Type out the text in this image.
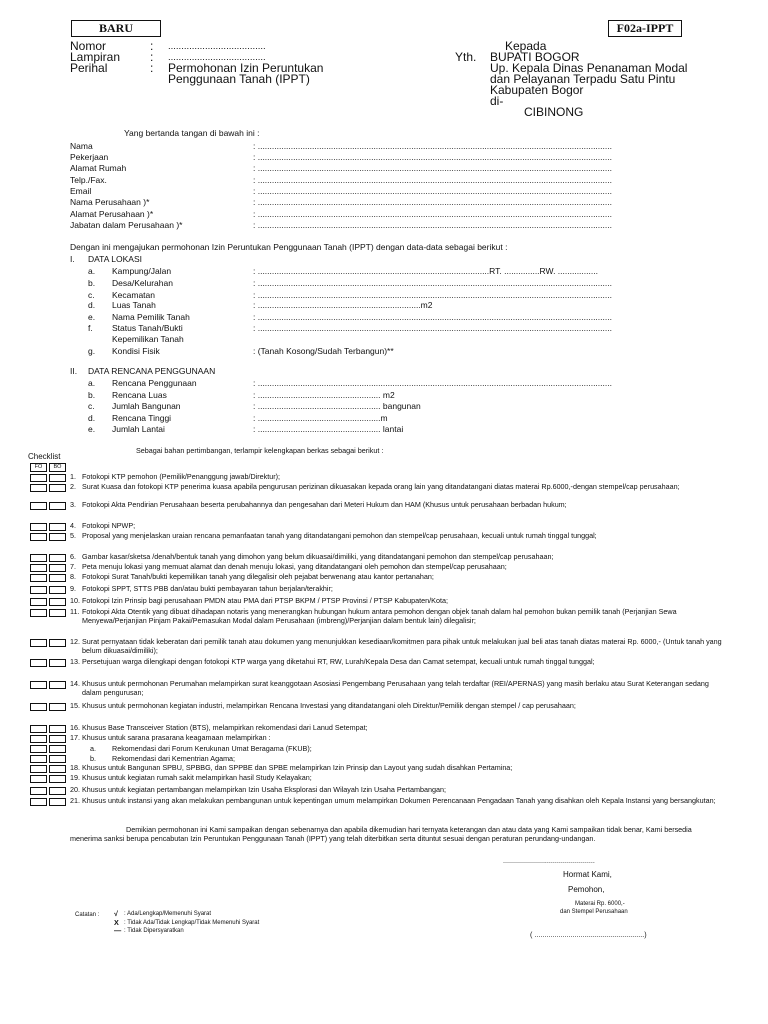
BARU	F02a-IPPT
Nomor	: .....................................
Lampiran : .....................................
Perihal	: Permohonan Izin Peruntukan
Penggunaan Tanah (IPPT)
Kepada
Yth. BUPATI BOGOR
Up. Kepala Dinas Penanaman Modal
dan Pelayanan Terpadu Satu Pintu
Kabupaten Bogor
di-
CIBINONG
Yang bertanda tangan di bawah ini :
Nama	: ......................................................................................................................................................
Pekerjaan	: ......................................................................................................................................................
Alamat Rumah	: ......................................................................................................................................................
Telp./Fax.	: ......................................................................................................................................................
Email	: ......................................................................................................................................................
Nama Perusahaan )*	: ......................................................................................................................................................
Alamat Perusahaan )*	: ......................................................................................................................................................
Jabatan dalam Perusahaan )*	: ......................................................................................................................................................
Dengan ini mengajukan permohonan Izin Peruntukan Penggunaan Tanah (IPPT) dengan data-data sebagai berikut :
I. DATA LOKASI
a. Kampung/Jalan	: ..................................................................................................RT. ...............RW. .................
b. Desa/Kelurahan	: ......................................................................................................................................................
c. Kecamatan	: ......................................................................................................................................................
d. Luas Tanah	: .....................................................................m2
e. Nama Pemilik Tanah	: ......................................................................................................................................................
f. Status Tanah/Bukti	: ......................................................................................................................................................
Kepemilikan Tanah
g. Kondisi Fisik	: (Tanah Kosong/Sudah Terbangun)**
II. DATA RENCANA PENGGUNAAN
a. Rencana Penggunaan	: ......................................................................................................................................................
b. Rencana Luas	: .................................................... m2
c. Jumlah Bangunan	: .................................................... bangunan
d. Rencana Tinggi	: ....................................................m
e. Jumlah Lantai	: .................................................... lantai
Checklist
FO	BO
Sebagai bahan pertimbangan, terlampir kelengkapan berkas sebagai berikut :
1. Fotokopi KTP pemohon (Pemilik/Penanggung jawab/Direktur);
2. Surat Kuasa dan fotokopi KTP penerima kuasa apabila pengurusan perizinan dikuasakan kepada orang lain yang ditandatangani diatas materai Rp.6000,-dengan stempel/cap perusahaan;
3. Fotokopi Akta Pendirian Perusahaan beserta perubahannya dan pengesahan dari Meteri Hukum dan HAM (Khusus untuk perusahaan berbadan hukum;
4. Fotokopi NPWP;
5. Proposal yang menjelaskan uraian rencana pemanfaatan tanah yang ditandatangani pemohon dan stempel/cap perusahaan, kecuali untuk rumah tinggal tunggal;
6. Gambar kasar/sketsa /denah/bentuk tanah yang dimohon yang belum dikuasai/dimiliki, yang ditandatangani pemohon dan stempel/cap perusahaan;
7. Peta menuju lokasi yang memuat alamat dan denah menuju lokasi, yang ditandatangani oleh pemohon dan stempel/cap perusahaan;
8. Fotokopi Surat Tanah/bukti kepemilikan tanah yang dilegalisir oleh pejabat berwenang atau kantor pertanahan;
9. Fotokopi SPPT, STTS PBB dan/atau bukti pembayaran tahun berjalan/terakhir;
10. Fotokopi Izin Prinsip bagi perusahaan PMDN atau PMA dari PTSP BKPM / PTSP Provinsi / PTSP Kabupaten/Kota;
11. Fotokopi Akta Otentik yang dibuat dihadapan notaris yang menerangkan hubungan hukum antara pemohon dengan objek tanah dalam hal pemohon bukan pemilik tanah (Perjanjian Sewa Menyewa/Perjanjian Pinjam Pakai/Pemasukan Modal dalam Perusahaan (imbreng)/Perjanjian dalam bentuk lain) dilegalisir;
12. Surat pernyataan tidak keberatan dari pemilik tanah atau dokumen yang menunjukkan kesediaan/komitmen para pihak untuk melakukan jual beli atas tanah diatas materai Rp. 6000,- (Untuk tanah yang belum dikuasai/dimiliki);
13. Persetujuan warga dilengkapi dengan fotokopi KTP warga yang diketahui RT, RW, Lurah/Kepala Desa dan Camat setempat, kecuali untuk rumah tinggal tunggal;
14. Khusus untuk permohonan Perumahan melampirkan surat keanggotaan Asosiasi Pengembang Perusahaan yang telah terdaftar (REI/APERNAS) yang masih berlaku atau Surat Keterangan sedang dalam pengurusan;
15. Khusus untuk permohonan kegiatan industri, melampirkan Rencana Investasi yang ditandatangani oleh Direktur/Pemilik dengan stempel / cap perusahaan;
16. Khusus Base Transceiver Station (BTS), melampirkan rekomendasi dari Lanud Setempat;
17. Khusus untuk sarana prasarana keagamaan melampirkan :
18. Khusus untuk Bangunan SPBU, SPBBG, dan SPPBE dan SPBE melampirkan Izin Prinsip dan Layout yang sudah disahkan Pertamina;
19. Khusus untuk kegiatan rumah sakit melampirkan hasil Study Kelayakan;
20. Khusus untuk kegiatan pertambangan melampirkan Izin Usaha Eksplorasi dan Wilayah Izin Usaha Pertambangan;
21. Khusus untuk instansi yang akan melakukan pembangunan untuk kepentingan umum melampirkan Dokumen Perencanaan Pengadaan Tanah yang disahkan oleh Kepala Instansi yang bersangkutan;
a. Rekomendasi dari Forum Kerukunan Umat Beragama (FKUB);
b. Rekomendasi dari Kementrian Agama;
Demikian permohonan ini Kami sampaikan dengan sebenarnya dan apabila dikemudian hari ternyata keterangan dan atau data yang Kami sampaikan tidak benar, Kami bersedia menerima sanksi berupa pencabutan Izin Peruntukan Penggunaan Tanah (IPPT) yang telah diterbitkan serta dituntut sesuai dengan peraturan perundang-undangan.
..............................................
Hormat Kami,
Pemohon,
Materai Rp. 6000,-
dan Stempel Perusahaan
( .......................................................)
Catatan : √ : Ada/Lengkap/Memenuhi Syarat
X : Tidak Ada/Tidak Lengkap/Tidak Memenuhi Syarat
— : Tidak Dipersyaratkan
